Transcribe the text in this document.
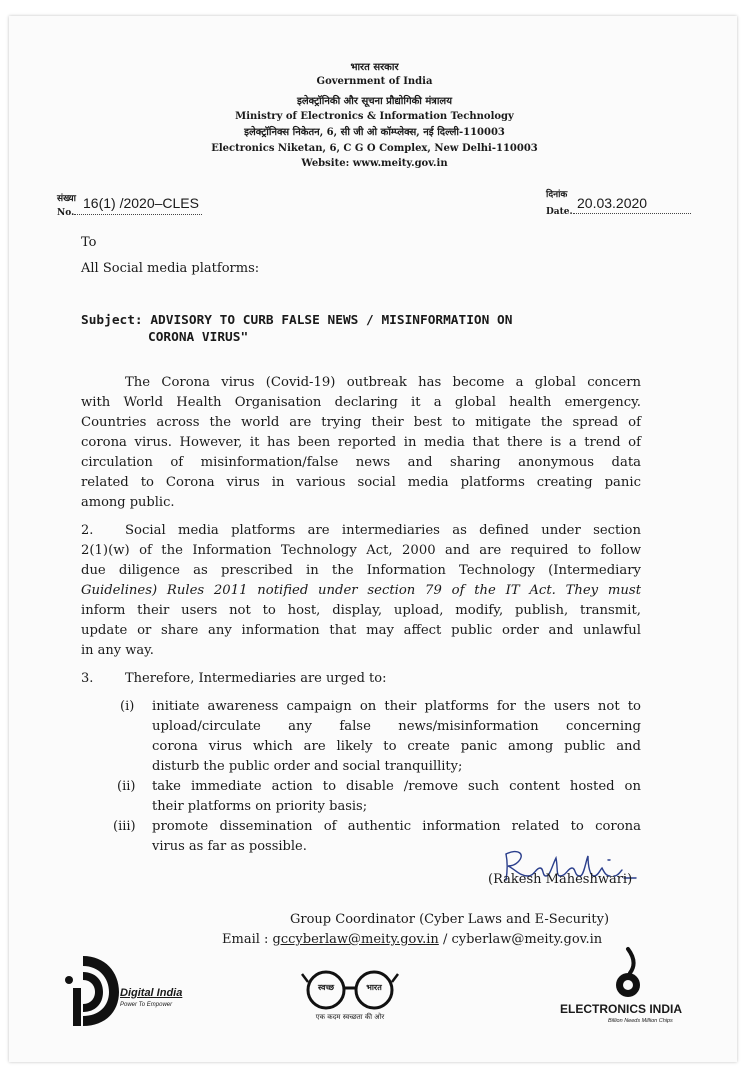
भारत सरकार
Government of India
इलेक्ट्रॉनिकी और सूचना प्रौद्योगिकी मंत्रालय
Ministry of Electronics & Information Technology
इलेक्ट्रॉनिक्स निकेतन, 6, सी जी ओ कॉम्प्लेक्स, नई दिल्ली-110003
Electronics Niketan, 6, C G O Complex, New Delhi-110003
Website: www.meity.gov.in
संख्या
No.
16(1) /2020–CLES	दिनांक
Date.
20.03.2020
To
All Social media platforms:
Subject: ADVISORY TO CURB FALSE NEWS / MISINFORMATION ON
CORONA VIRUS"
The Corona virus (Covid-19) outbreak has become a global concern
with World Health Organisation declaring it a global health emergency.
Countries across the world are trying their best to mitigate the spread of
corona virus. However, it has been reported in media that there is a trend of
circulation of misinformation/false news and sharing anonymous data
related to Corona virus in various social media platforms creating panic
among public.
2. Social media platforms are intermediaries as defined under section
2(1)(w) of the Information Technology Act, 2000 and are required to follow
due diligence as prescribed in the Information Technology (Intermediary
Guidelines) Rules 2011 notified under section 79 of the IT Act. They must
inform their users not to host, display, upload, modify, publish, transmit,
update or share any information that may affect public order and unlawful
in any way.
3. Therefore, Intermediaries are urged to:
(i) initiate awareness campaign on their platforms for the users not to
upload/circulate any false news/misinformation concerning
corona virus which are likely to create panic among public and
disturb the public order and social tranquillity;
(ii) take immediate action to disable /remove such content hosted on
their platforms on priority basis;
(iii) promote dissemination of authentic information related to corona
virus as far as possible.
(Rakesh Maheshwari)
Group Coordinator (Cyber Laws and E-Security)
Email : gccyberlaw@meity.gov.in / cyberlaw@meity.gov.in
Digital India
Power To Empower
स्वच्छ	भारत
एक कदम स्वच्छता की ओर
ELECTRONICS INDIA
Billion Needs Million Chips
